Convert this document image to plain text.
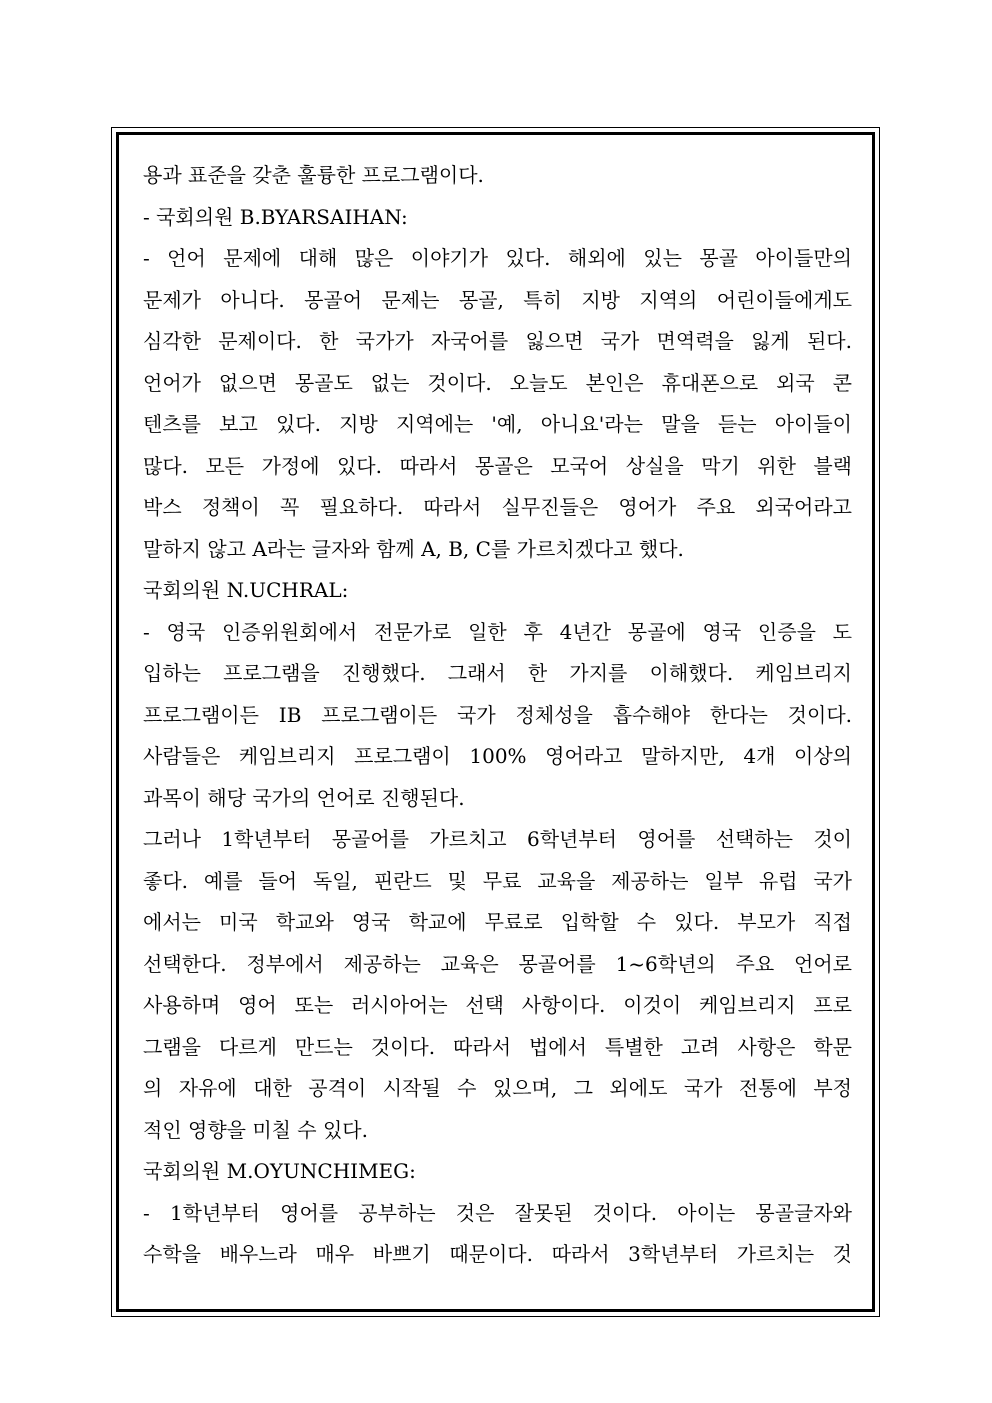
용과 표준을 갖춘 훌륭한 프로그램이다.
- 국회의원 B.BYARSAIHAN:
- 언어 문제에 대해 많은 이야기가 있다. 해외에 있는 몽골 아이들만의
문제가 아니다. 몽골어 문제는 몽골, 특히 지방 지역의 어린이들에게도
심각한 문제이다. 한 국가가 자국어를 잃으면 국가 면역력을 잃게 된다.
언어가 없으면 몽골도 없는 것이다. 오늘도 본인은 휴대폰으로 외국 콘
텐츠를 보고 있다. 지방 지역에는 '예, 아니요'라는 말을 듣는 아이들이
많다. 모든 가정에 있다. 따라서 몽골은 모국어 상실을 막기 위한 블랙
박스 정책이 꼭 필요하다. 따라서 실무진들은 영어가 주요 외국어라고
말하지 않고 A라는 글자와 함께 A, B, C를 가르치겠다고 했다.
국회의원 N.UCHRAL:
- 영국 인증위원회에서 전문가로 일한 후 4년간 몽골에 영국 인증을 도
입하는 프로그램을 진행했다. 그래서 한 가지를 이해했다. 케임브리지
프로그램이든 IB 프로그램이든 국가 정체성을 흡수해야 한다는 것이다.
사람들은 케임브리지 프로그램이 100% 영어라고 말하지만, 4개 이상의
과목이 해당 국가의 언어로 진행된다.
그러나 1학년부터 몽골어를 가르치고 6학년부터 영어를 선택하는 것이
좋다. 예를 들어 독일, 핀란드 및 무료 교육을 제공하는 일부 유럽 국가
에서는 미국 학교와 영국 학교에 무료로 입학할 수 있다. 부모가 직접
선택한다. 정부에서 제공하는 교육은 몽골어를 1~6학년의 주요 언어로
사용하며 영어 또는 러시아어는 선택 사항이다. 이것이 케임브리지 프로
그램을 다르게 만드는 것이다. 따라서 법에서 특별한 고려 사항은 학문
의 자유에 대한 공격이 시작될 수 있으며, 그 외에도 국가 전통에 부정
적인 영향을 미칠 수 있다.
국회의원 M.OYUNCHIMEG:
- 1학년부터 영어를 공부하는 것은 잘못된 것이다. 아이는 몽골글자와
수학을 배우느라 매우 바쁘기 때문이다. 따라서 3학년부터 가르치는 것
